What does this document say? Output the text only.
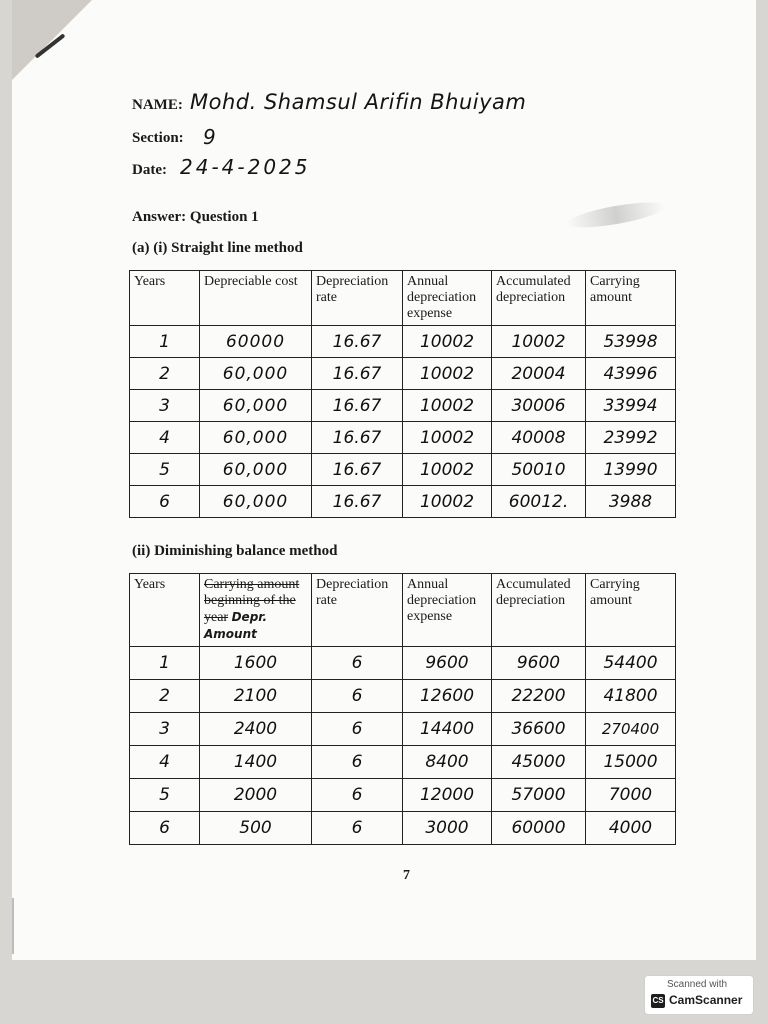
NAME: Mohd. Shamsul Arifin Bhuiyam
Section: 9
Date: 24-4-2025
Answer: Question 1
(a) (i) Straight line method
Years	Depreciable cost	Depreciation rate	Annual depreciation expense	Accumulated depreciation	Carrying amount
1	60000	16.67	10002	10002	53998
2	60,000	16.67	10002	20004	43996
3	60,000	16.67	10002	30006	33994
4	60,000	16.67	10002	40008	23992
5	60,000	16.67	10002	50010	13990
6	60,000	16.67	10002	60012.	3988
(ii) Diminishing balance method
Years	Carrying amount beginning of the year Depr. Amount	Depreciation rate	Annual depreciation expense	Accumulated depreciation	Carrying amount
1	1600	6	9600	9600	54400
2	2100	6	12600	22200	41800
3	2400	6	14400	36600	270400
4	1400	6	8400	45000	15000
5	2000	6	12000	57000	7000
6	500	6	3000	60000	4000
7
Scanned with
CS CamScanner
